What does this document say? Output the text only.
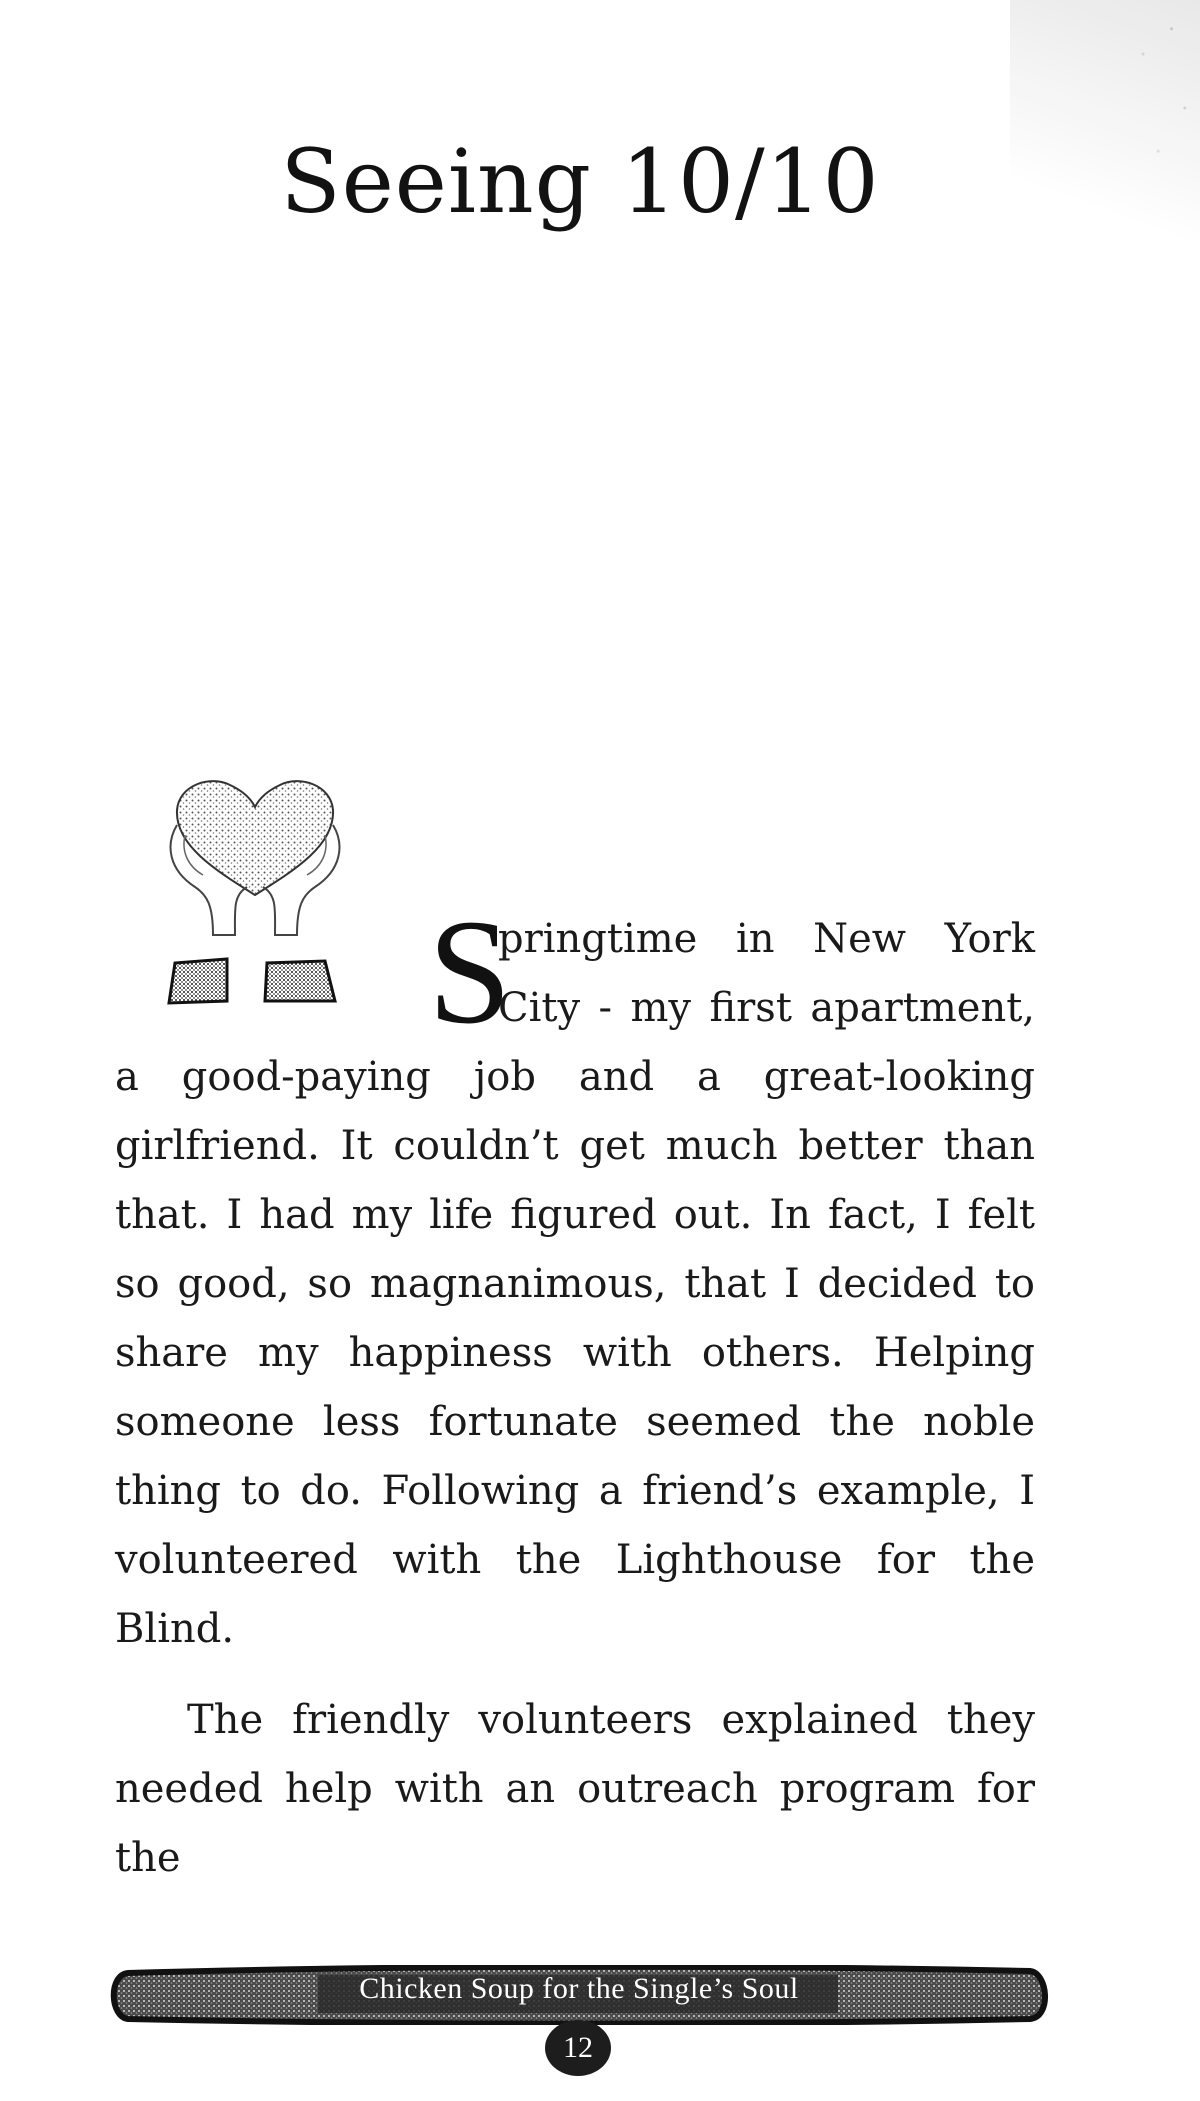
Seeing 10/10
S
pringtime in New York
City - my first apartment,

a good-paying job and a great-looking girlfriend. It couldn’t get much better than that. I had my life figured out. In fact, I felt so good, so magnanimous, that I decided to share my happiness with others. Helping someone less fortunate seemed the noble thing to do. Following a friend’s example, I volunteered with the Lighthouse for the Blind.

The friendly volunteers explained they needed help with an outreach program for the

Chicken Soup for the Single’s Soul
12
